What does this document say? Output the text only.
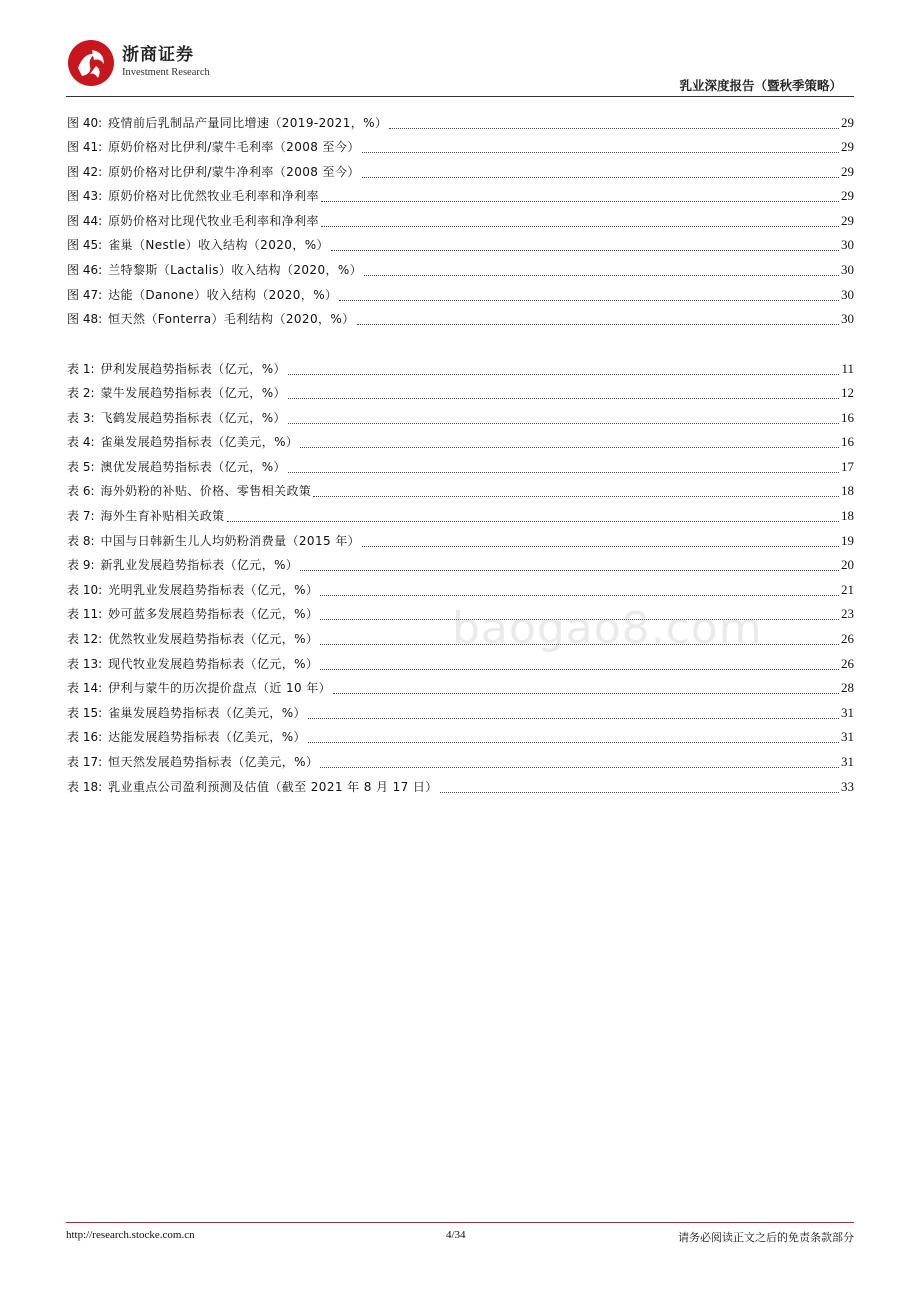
浙商证券
Investment Research
乳业深度报告（暨秋季策略）
图 40: 疫情前后乳制品产量同比增速（2019-2021，%）	29
图 41: 原奶价格对比伊利/蒙牛毛利率（2008 至今）	29
图 42: 原奶价格对比伊利/蒙牛净利率（2008 至今）	29
图 43: 原奶价格对比优然牧业毛利率和净利率	29
图 44: 原奶价格对比现代牧业毛利率和净利率	29
图 45: 雀巢（Nestle）收入结构（2020，%）	30
图 46: 兰特黎斯（Lactalis）收入结构（2020，%）	30
图 47: 达能（Danone）收入结构（2020，%）	30
图 48: 恒天然（Fonterra）毛利结构（2020，%）	30
表 1: 伊利发展趋势指标表（亿元，%）	11
表 2: 蒙牛发展趋势指标表（亿元，%）	12
表 3: 飞鹤发展趋势指标表（亿元，%）	16
表 4: 雀巢发展趋势指标表（亿美元，%）	16
表 5: 澳优发展趋势指标表（亿元，%）	17
表 6: 海外奶粉的补贴、价格、零售相关政策	18
表 7: 海外生育补贴相关政策	18
表 8: 中国与日韩新生儿人均奶粉消费量（2015 年）	19
表 9: 新乳业发展趋势指标表（亿元，%）	20
表 10: 光明乳业发展趋势指标表（亿元，%）	21
表 11: 妙可蓝多发展趋势指标表（亿元，%）	23
表 12: 优然牧业发展趋势指标表（亿元，%）	26
表 13: 现代牧业发展趋势指标表（亿元，%）	26
表 14: 伊利与蒙牛的历次提价盘点（近 10 年）	28
表 15: 雀巢发展趋势指标表（亿美元，%）	31
表 16: 达能发展趋势指标表（亿美元，%）	31
表 17: 恒天然发展趋势指标表（亿美元，%）	31
表 18: 乳业重点公司盈利预测及估值（截至 2021 年 8 月 17 日）	33
baogao8.com
http://research.stocke.com.cn	4/34	请务必阅读正文之后的免责条款部分
